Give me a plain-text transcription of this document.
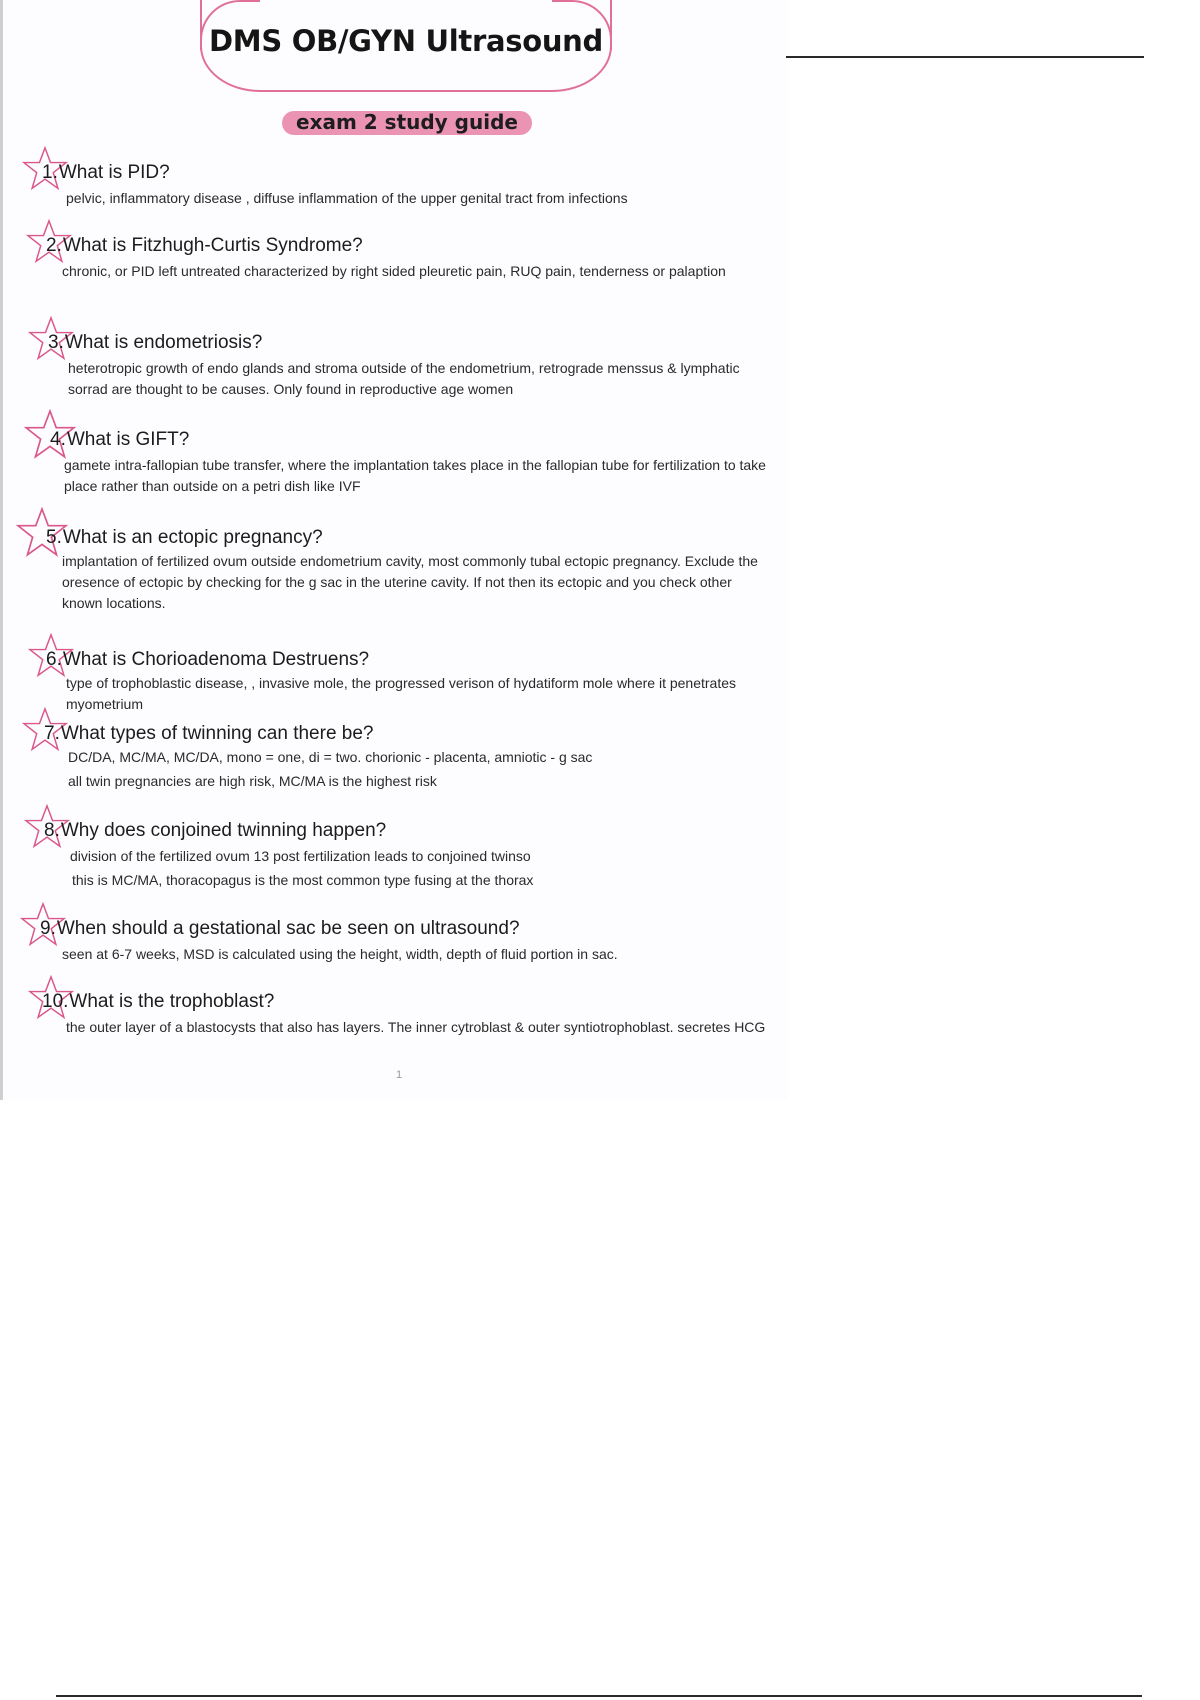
DMS OB/GYN Ultrasound
exam 2 study guide
1.What is PID?
pelvic, inflammatory disease , diffuse inflammation of the upper genital tract from infections
2.What is Fitzhugh-Curtis Syndrome?
chronic, or PID left untreated characterized by right sided pleuretic pain, RUQ pain, tenderness or palaption
3.What is endometriosis?
heterotropic growth of endo glands and stroma outside of the endometrium, retrograde menssus & lymphatic sorrad are thought to be causes. Only found in reproductive age women
4.What is GIFT?
gamete intra-fallopian tube transfer, where the implantation takes place in the fallopian tube for fertilization to take place rather than outside on a petri dish like IVF
5.What is an ectopic pregnancy?
implantation of fertilized ovum outside endometrium cavity, most commonly tubal ectopic pregnancy. Exclude the oresence of ectopic by checking for the g sac in the uterine cavity. If not then its ectopic and you check other known locations.
6.What is Chorioadenoma Destruens?
type of trophoblastic disease, , invasive mole, the progressed verison of hydatiform mole where it penetrates myometrium
7.What types of twinning can there be?
DC/DA, MC/MA, MC/DA, mono = one, di = two. chorionic - placenta, amniotic - g sac
all twin pregnancies are high risk, MC/MA is the highest risk
8.Why does conjoined twinning happen?
division of the fertilized ovum 13 post fertilization leads to conjoined twinso
this is MC/MA, thoracopagus is the most common type fusing at the thorax
9.When should a gestational sac be seen on ultrasound?
seen at 6-7 weeks, MSD is calculated using the height, width, depth of fluid portion in sac.
10.What is the trophoblast?
the outer layer of a blastocysts that also has layers. The inner cytroblast & outer syntiotrophoblast. secretes HCG
1
